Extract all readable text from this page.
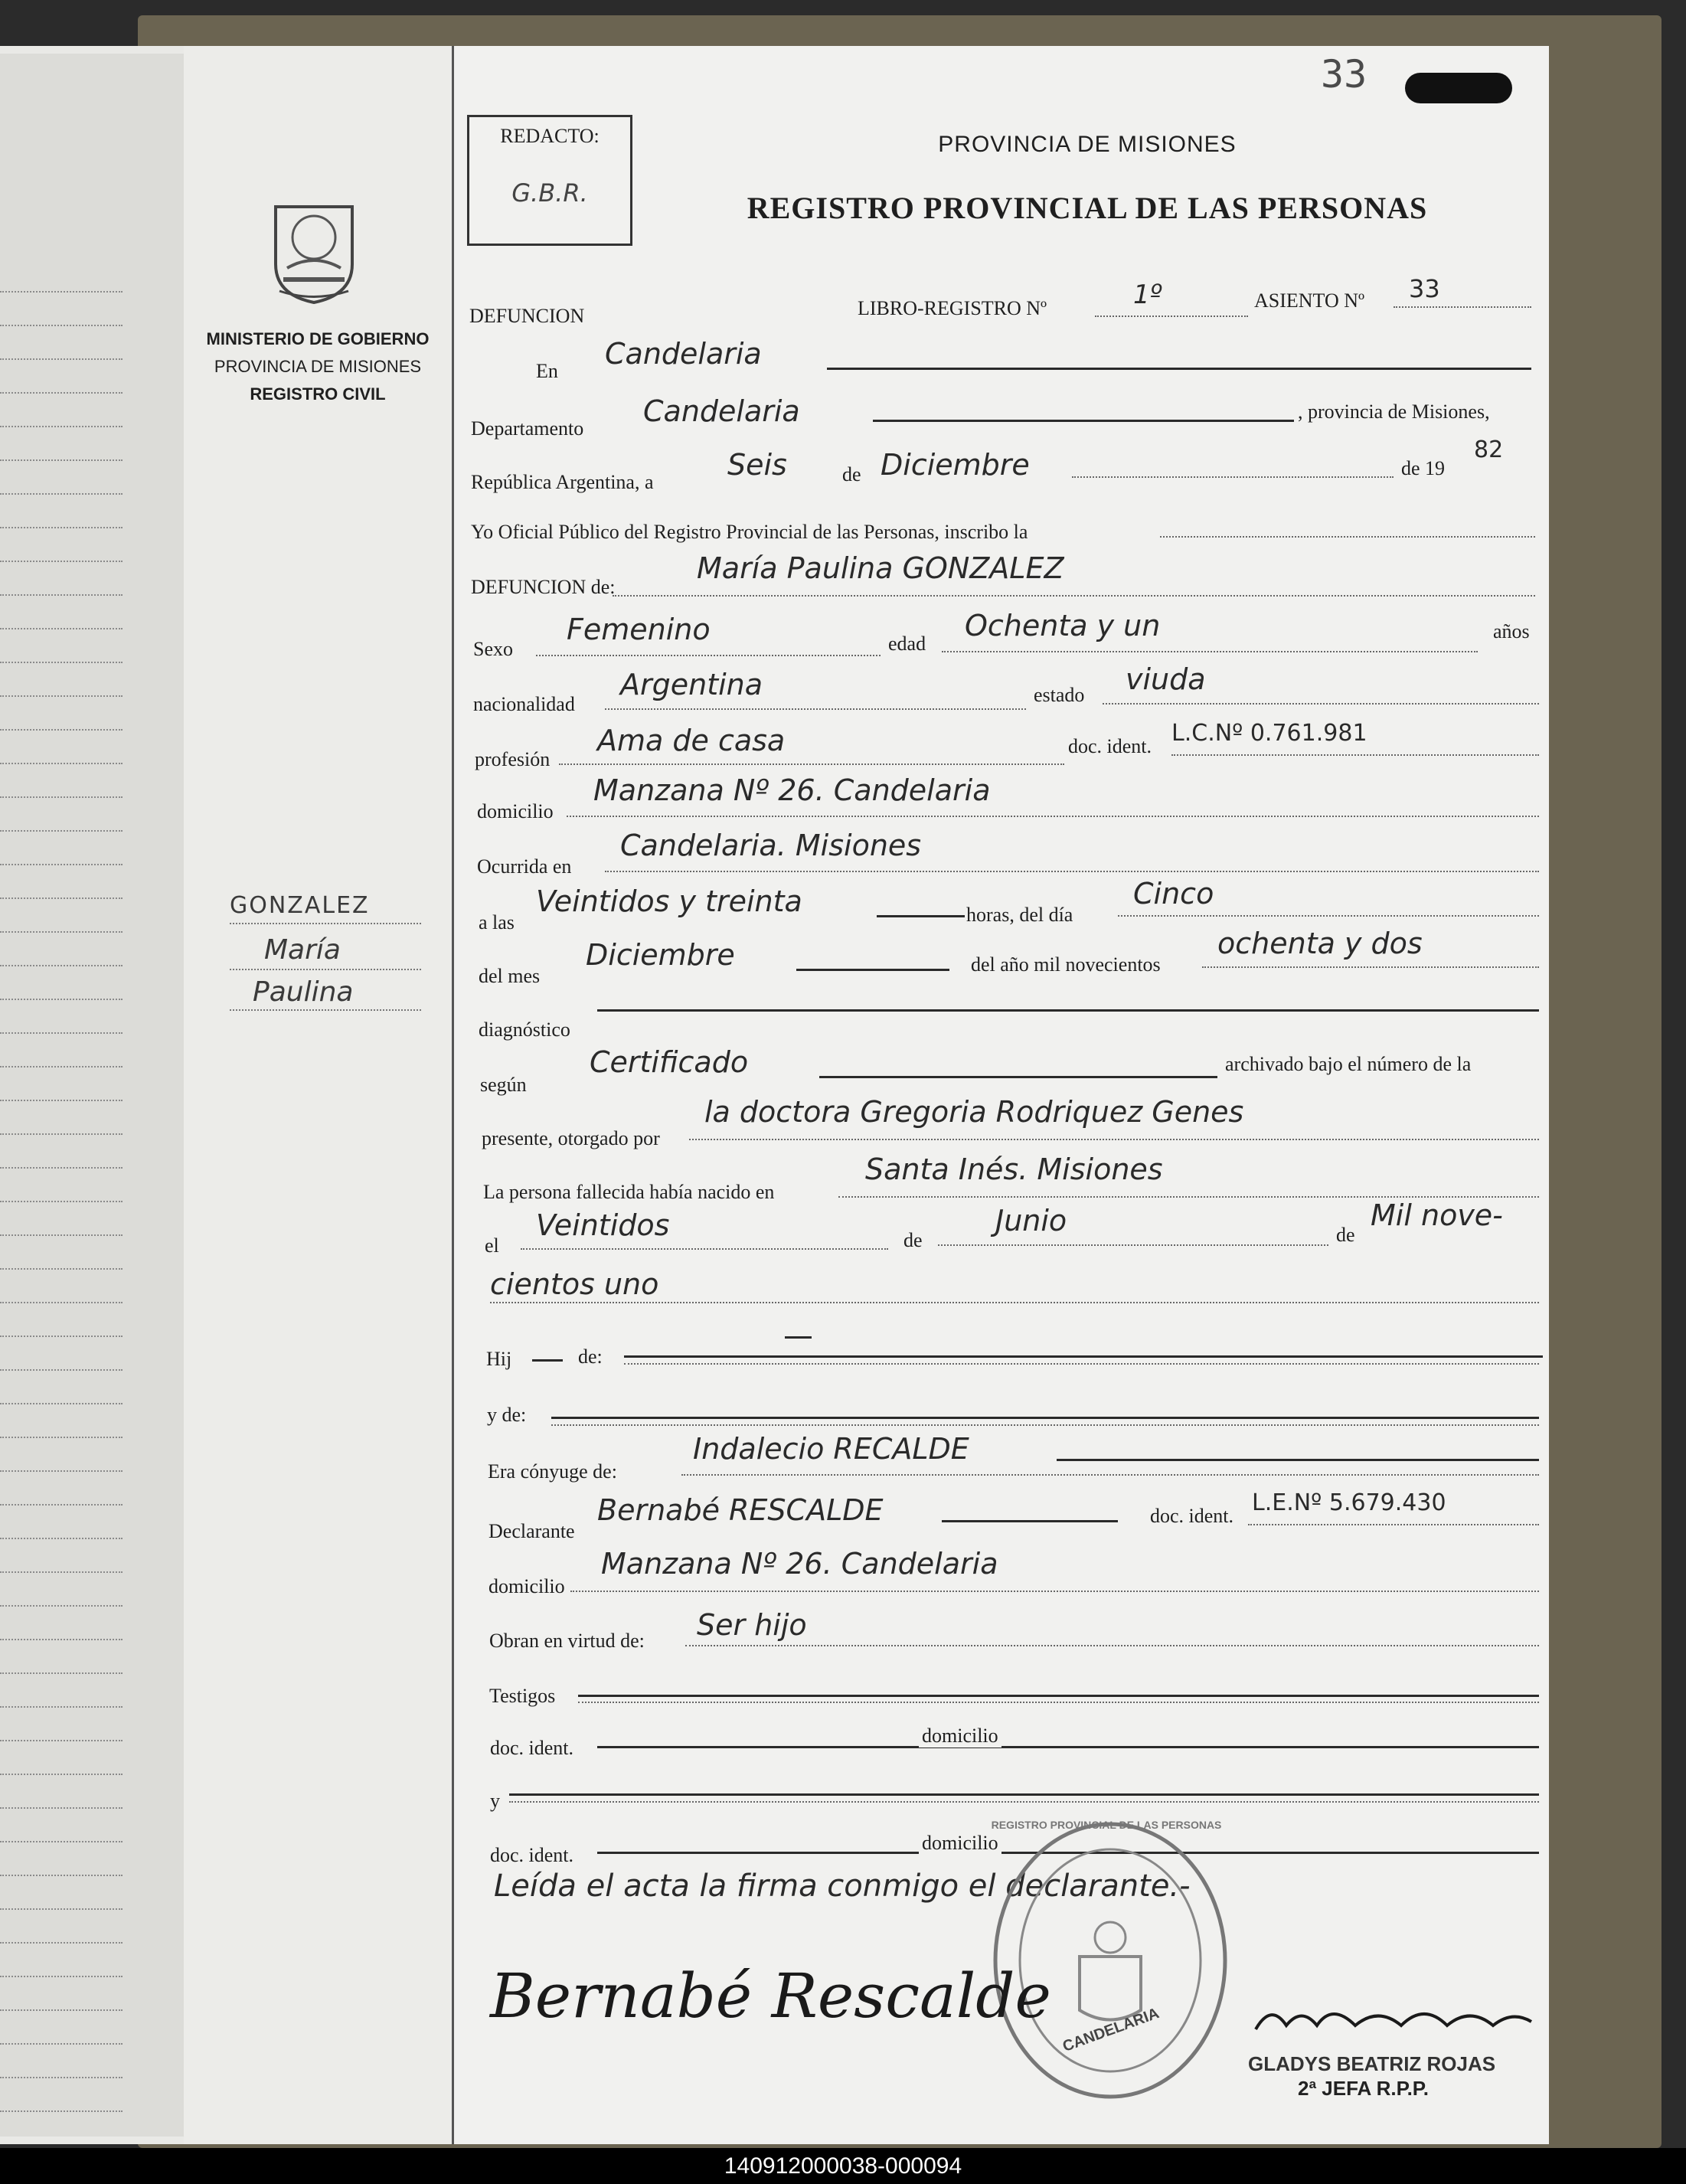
MINISTERIO DE GOBIERNO
PROVINCIA DE MISIONES
REGISTRO CIVIL
GONZALEZ
María
Paulina
REDACTO:
G.B.R.
33
PROVINCIA DE MISIONES
REGISTRO PROVINCIAL DE LAS PERSONAS
DEFUNCION	LIBRO-REGISTRO Nº	1º	ASIENTO Nº 33
En
Candelaria
Departamento
Candelaria	, provincia de Misiones,
República Argentina, a
Seis	de Diciembre	de 19
82
Yo Oficial Público del Registro Provincial de las Personas, inscribo la
DEFUNCION de:
María Paulina GONZALEZ
Sexo
Femenino	edad
Ochenta y un	años
nacionalidad
Argentina	estado viuda
profesión
Ama de casa	doc. ident. L.C.Nº 0.761.981
domicilio
Manzana Nº 26. Candelaria
Ocurrida en
Candelaria. Misiones
a las
Veintidos y treinta	horas, del día
Cinco
del mes
Diciembre	del año mil novecientos
ochenta y dos
diagnóstico
según
Certificado	archivado bajo el número de la
presente, otorgado por
la doctora Gregoria Rodriquez Genes
La persona fallecida había nacido en
Santa Inés. Misiones
el
Veintidos	de
Junio	de
Mil nove-
cientos uno
Hij	de:
y de:
Era cónyuge de:
Indalecio RECALDE
Declarante
Bernabé RESCALDE	doc. ident. L.E.Nº 5.679.430
domicilio
Manzana Nº 26. Candelaria
Obran en virtud de: Ser hijo
Testigos
doc. ident.
domicilio
y
doc. ident.
domicilio
Leída el acta la firma conmigo el declarante.-
CANDELARIA
REGISTRO PROVINCIAL DE LAS PERSONAS
Bernabé Rescalde
GLADYS BEATRIZ ROJAS
2ª JEFA R.P.P.
140912000038-000094
